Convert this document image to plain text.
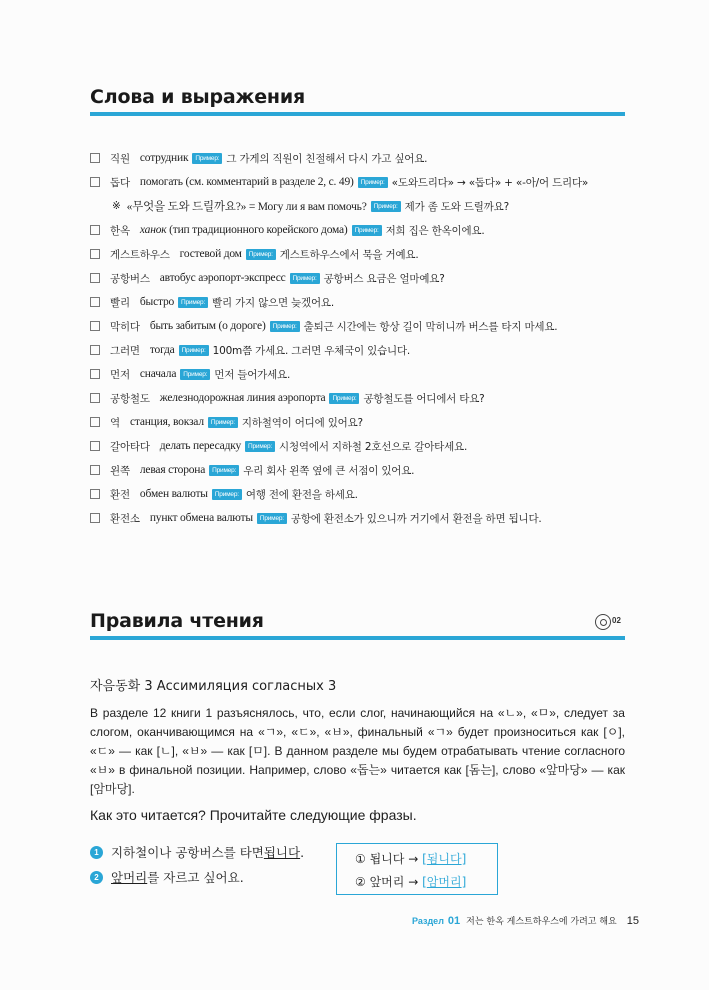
Слова и выражения
직원 сотрудник	Пример: 그 가게의 직원이 친절해서 다시 가고 싶어요.
돕다 помогать (см. комментарий в разделе 2, с. 49)	Пример: «도와드리다» → «돕다» + «-아/어 드리다»
※ «무엇을 도와 드릴까요?» = Могу ли я вам помочь?	Пример: 제가 좀 도와 드릴까요?
한옥 ханок (тип традиционного корейского дома)	Пример: 저희 집은 한옥이에요.
게스트하우스 гостевой дом	Пример: 게스트하우스에서 묵을 거예요.
공항버스 автобус аэропорт-экспресс	Пример: 공항버스 요금은 얼마예요?
빨리 быстро	Пример: 빨리 가지 않으면 늦겠어요.
막히다 быть забитым (о дороге)	Пример: 출퇴근 시간에는 항상 길이 막히니까 버스를 타지 마세요.
그러면 тогда	Пример: 100m쯤 가세요. 그러면 우체국이 있습니다.
먼저 сначала	Пример: 먼저 들어가세요.
공항철도 железнодорожная линия аэропорта	Пример: 공항철도를 어디에서 타요?
역 станция, вокзал	Пример: 지하철역이 어디에 있어요?
갈아타다 делать пересадку	Пример: 시청역에서 지하철 2호선으로 갈아타세요.
왼쪽 левая сторона	Пример: 우리 회사 왼쪽 옆에 큰 서점이 있어요.
환전 обмен валюты	Пример: 여행 전에 환전을 하세요.
환전소 пункт обмена валюты	Пример: 공항에 환전소가 있으니까 거기에서 환전을 하면 됩니다.
Правила чтения	02
자음동화 3 Ассимиляция согласных 3
В разделе 12 книги 1 разъяснялось, что, если слог, начинающийся на «ㄴ», «ㅁ», следует за слогом, оканчивающимся на «ㄱ», «ㄷ», «ㅂ», финальный «ㄱ» будет произноситься как [ㅇ], «ㄷ» — как [ㄴ], «ㅂ» — как [ㅁ]. В данном разделе мы будем отрабатывать чтение согласного «ㅂ» в финальной позиции. Например, слово «돕는» читается как [돔는], слово «앞마당» — как [암마당].
Как это читается? Прочитайте следующие фразы.
1 지하철이나 공항버스를 타면 됩니다 .
2 앞머리 를 자르고 싶어요.
① 됩니다 → [됨니다]
② 앞머리 → [암머리]
Раздел 01 저는 한옥 게스트하우스에 가려고 해요 15
